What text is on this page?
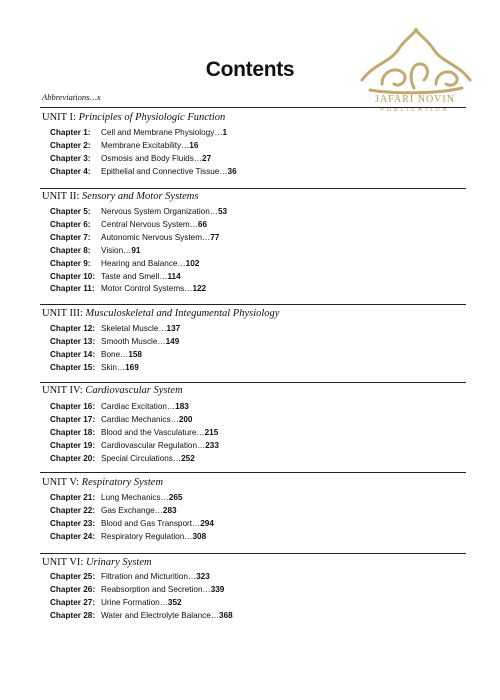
Contents
JAFARI NOVIN
PUBLICATION
Abbreviations…x
UNIT I: Principles of Physiologic Function
Chapter 1: Cell and Membrane Physiology…1
Chapter 2: Membrane Excitability…16
Chapter 3: Osmosis and Body Fluids…27
Chapter 4: Epithelial and Connective Tissue…36
UNIT II: Sensory and Motor Systems
Chapter 5: Nervous System Organization…53
Chapter 6: Central Nervous System…66
Chapter 7: Autonomic Nervous System…77
Chapter 8: Vision…91
Chapter 9: Hearing and Balance…102
Chapter 10: Taste and Smell…114
Chapter 11: Motor Control Systems…122
UNIT III: Musculoskeletal and Integumental Physiology
Chapter 12: Skeletal Muscle…137
Chapter 13: Smooth Muscle…149
Chapter 14: Bone…158
Chapter 15: Skin…169
UNIT IV: Cardiovascular System
Chapter 16: Cardiac Excitation…183
Chapter 17: Cardiac Mechanics…200
Chapter 18: Blood and the Vasculature…215
Chapter 19: Cardiovascular Regulation…233
Chapter 20: Special Circulations…252
UNIT V: Respiratory System
Chapter 21: Lung Mechanics…265
Chapter 22: Gas Exchange…283
Chapter 23: Blood and Gas Transport…294
Chapter 24: Respiratory Regulation…308
UNIT VI: Urinary System
Chapter 25: Filtration and Micturition…323
Chapter 26: Reabsorption and Secretion…339
Chapter 27: Urine Formation…352
Chapter 28: Water and Electrolyte Balance…368
